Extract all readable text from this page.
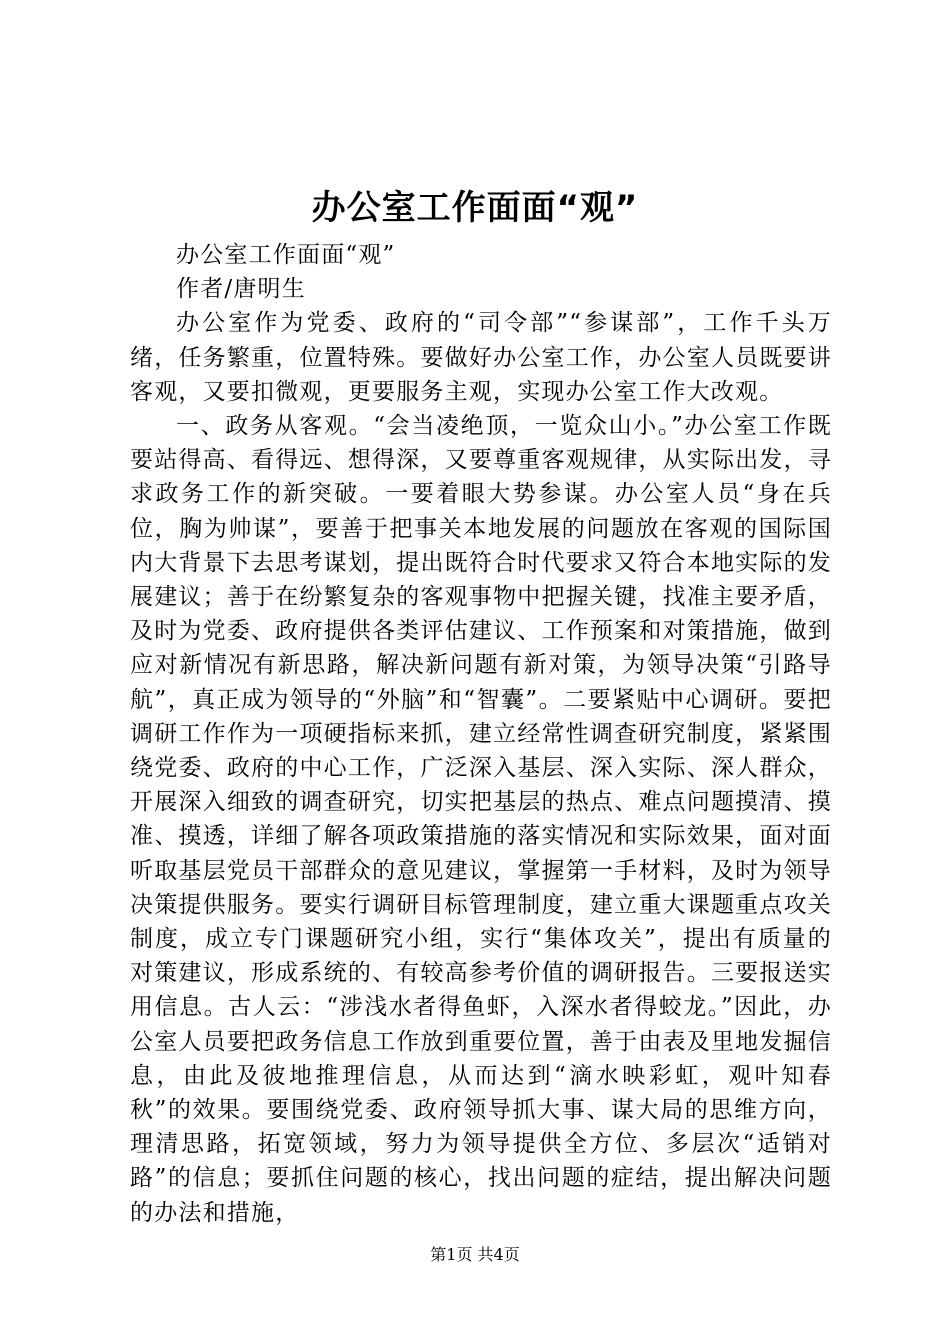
办公室工作面面“观”

办公室工作面面“观”

作者/唐明生

办公室作为党委、政府的“司令部”“参谋部”，工作千头万绪，任务繁重，位置特殊。要做好办公室工作，办公室人员既要讲客观，又要扣微观，更要服务主观，实现办公室工作大改观。

一、政务从客观。“会当凌绝顶，一览众山小。”办公室工作既要站得高、看得远、想得深，又要尊重客观规律，从实际出发，寻求政务工作的新突破。一要着眼大势参谋。办公室人员“身在兵位，胸为帅谋”，要善于把事关本地发展的问题放在客观的国际国内大背景下去思考谋划，提出既符合时代要求又符合本地实际的发展建议；善于在纷繁复杂的客观事物中把握关键，找准主要矛盾，及时为党委、政府提供各类评估建议、工作预案和对策措施，做到应对新情况有新思路，解决新问题有新对策，为领导决策“引路导航”，真正成为领导的“外脑”和“智囊”。二要紧贴中心调研。要把调研工作作为一项硬指标来抓，建立经常性调查研究制度，紧紧围绕党委、政府的中心工作，广泛深入基层、深入实际、深人群众，开展深入细致的调查研究，切实把基层的热点、难点问题摸清、摸准、摸透，详细了解各项政策措施的落实情况和实际效果，面对面听取基层党员干部群众的意见建议，掌握第一手材料，及时为领导决策提供服务。要实行调研目标管理制度，建立重大课题重点攻关制度，成立专门课题研究小组，实行“集体攻关”，提出有质量的对策建议，形成系统的、有较高参考价值的调研报告。三要报送实用信息。古人云：“涉浅水者得鱼虾，入深水者得蛟龙。”因此，办公室人员要把政务信息工作放到重要位置，善于由表及里地发掘信息，由此及彼地推理信息，从而达到“滴水映彩虹，观叶知春秋”的效果。要围绕党委、政府领导抓大事、谋大局的思维方向，理清思路，拓宽领域，努力为领导提供全方位、多层次“适销对路”的信息；要抓住问题的核心，找出问题的症结，提出解决问题的办法和措施，

第1页 共4页
